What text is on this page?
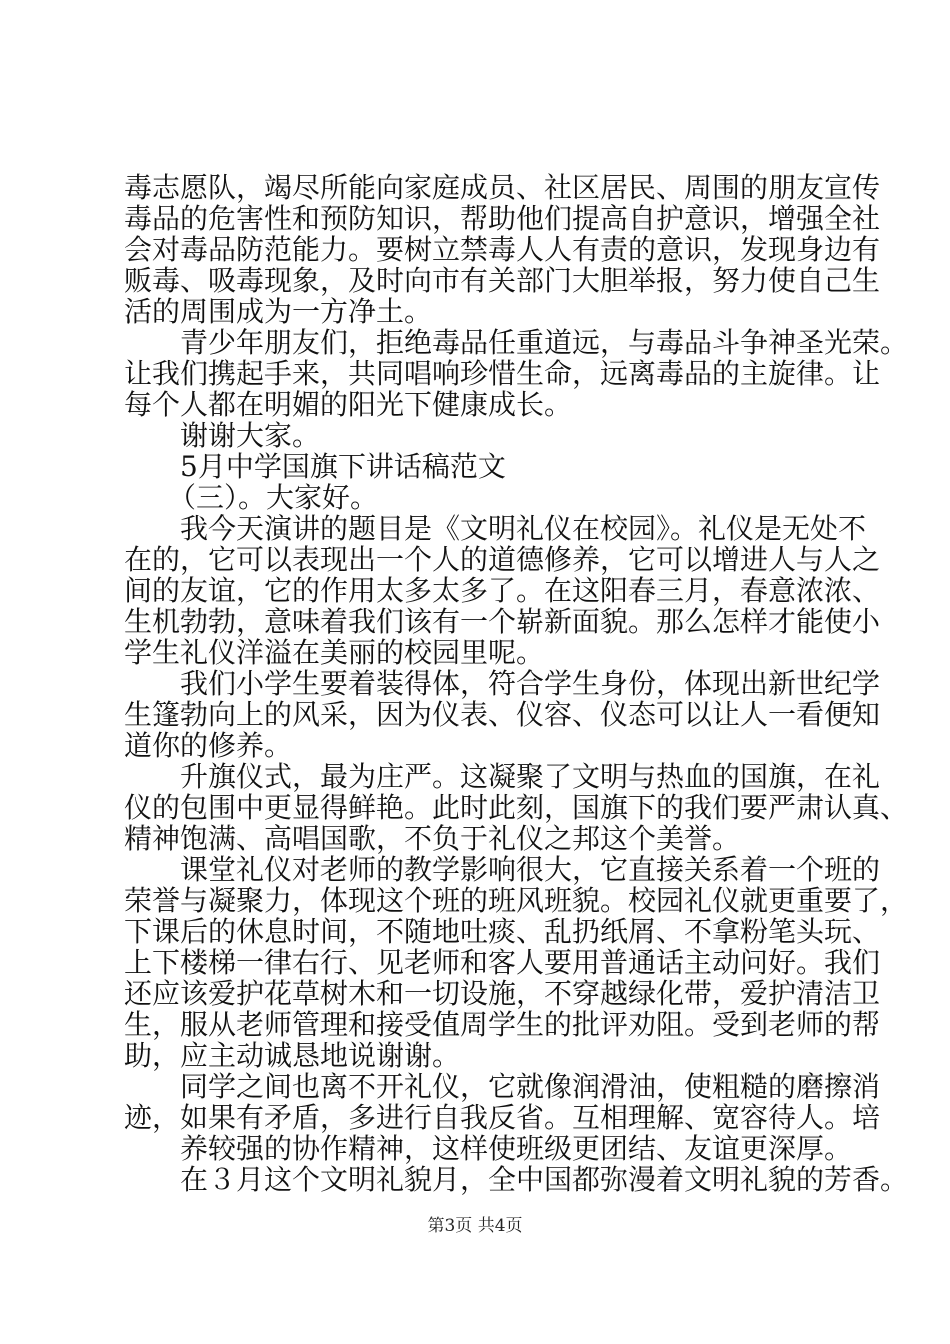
毒志愿队，竭尽所能向家庭成员、社区居民、周围的朋友宣传
毒品的危害性和预防知识，帮助他们提高自护意识，增强全社
会对毒品防范能力。要树立禁毒人人有责的意识，发现身边有
贩毒、吸毒现象，及时向市有关部门大胆举报，努力使自己生
活的周围成为一方净土。
青少年朋友们，拒绝毒品任重道远，与毒品斗争神圣光荣。
让我们携起手来，共同唱响珍惜生命，远离毒品的主旋律。让
每个人都在明媚的阳光下健康成长。
谢谢大家。
5月中学国旗下讲话稿范文
（三）。大家好。
我今天演讲的题目是《文明礼仪在校园》。礼仪是无处不
在的，它可以表现出一个人的道德修养，它可以增进人与人之
间的友谊，它的作用太多太多了。在这阳春三月，春意浓浓、
生机勃勃，意味着我们该有一个崭新面貌。那么怎样才能使小
学生礼仪洋溢在美丽的校园里呢。
我们小学生要着装得体，符合学生身份，体现出新世纪学
生篷勃向上的风采，因为仪表、仪容、仪态可以让人一看便知
道你的修养。
升旗仪式，最为庄严。这凝聚了文明与热血的国旗，在礼
仪的包围中更显得鲜艳。此时此刻，国旗下的我们要严肃认真、
精神饱满、高唱国歌，不负于礼仪之邦这个美誉。
课堂礼仪对老师的教学影响很大，它直接关系着一个班的
荣誉与凝聚力，体现这个班的班风班貌。校园礼仪就更重要了，
下课后的休息时间，不随地吐痰、乱扔纸屑、不拿粉笔头玩、
上下楼梯一律右行、见老师和客人要用普通话主动问好。我们
还应该爱护花草树木和一切设施，不穿越绿化带，爱护清洁卫
生，服从老师管理和接受值周学生的批评劝阻。受到老师的帮
助，应主动诚恳地说谢谢。
同学之间也离不开礼仪，它就像润滑油，使粗糙的磨擦消
迹，如果有矛盾，多进行自我反省。互相理解、宽容待人。培
第3页 共4页
养较强的协作精神，这样使班级更团结、友谊更深厚。
在３月这个文明礼貌月，全中国都弥漫着文明礼貌的芳香。
